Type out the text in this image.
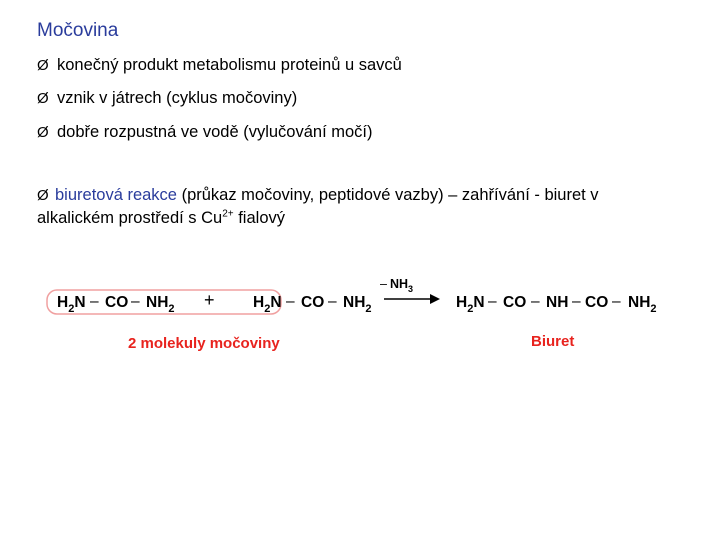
Močovina
Ø konečný produkt metabolismu proteinů u savců
Ø vznik v játrech (cyklus močoviny)
Ø dobře rozpustná ve vodě (vylučování močí)
Ø biuretová reakce (průkaz močoviny, peptidové vazby) – zahřívání - biuret v alkalickém prostředí s $Cu^{2+}$ fialový
$H_2N$ – CO – $NH_2 + H_2N$ – CO – $NH_2$
– $NH_3$
$H_2N$ – CO – NH – CO – $NH_2$
2 molekuly močoviny	Biuret
